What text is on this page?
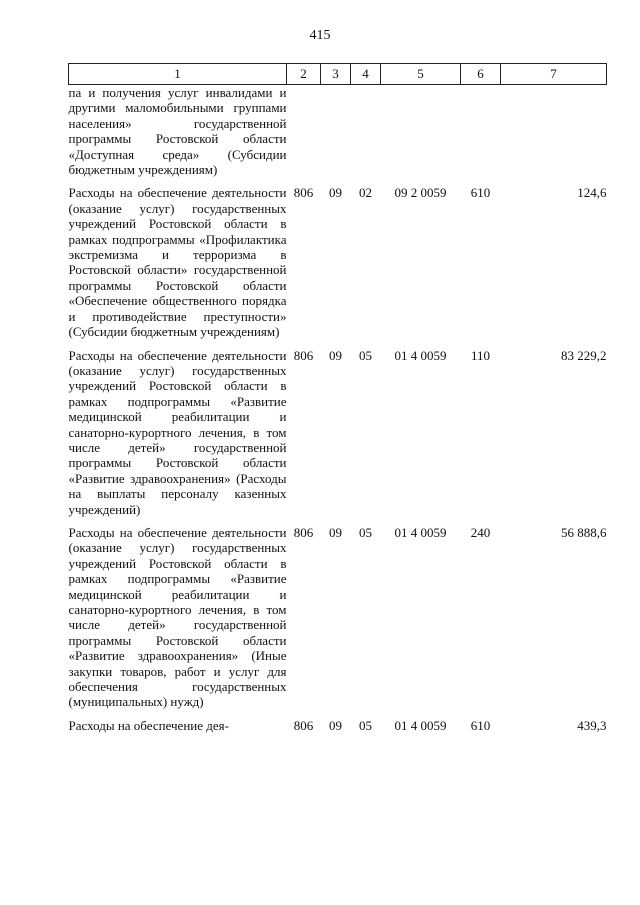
415
1	2	3	4	5	6	7
па и получения услуг инвалидами и другими маломобильными группами населения» государственной программы Ростовской области «Доступная среда» (Субсидии бюджетным учреждениям)						
Расходы на обеспечение деятельности (оказание услуг) государственных учреждений Ростовской области в рамках подпрограммы «Профилактика экстремизма и терроризма в Ростовской области» государственной программы Ростовской области «Обеспечение общественного порядка и противодействие преступности» (Субсидии бюджетным учреждениям)	806	09	02	09 2 0059	610	124,6
Расходы на обеспечение деятельности (оказание услуг) государственных учреждений Ростовской области в рамках подпрограммы «Развитие медицинской реабилитации и санаторно-курортного лечения, в том числе детей» государственной программы Ростовской области «Развитие здравоохранения» (Расходы на выплаты персоналу казенных учреждений)	806	09	05	01 4 0059	110	83 229,2
Расходы на обеспечение деятельности (оказание услуг) государственных учреждений Ростовской области в рамках подпрограммы «Развитие медицинской реабилитации и санаторно-курортного лечения, в том числе детей» государственной программы Ростовской области «Развитие здравоохранения» (Иные закупки товаров, работ и услуг для обеспечения государственных (муниципальных) нужд)	806	09	05	01 4 0059	240	56 888,6
Расходы на обеспечение дея-	806	09	05	01 4 0059	610	439,3
